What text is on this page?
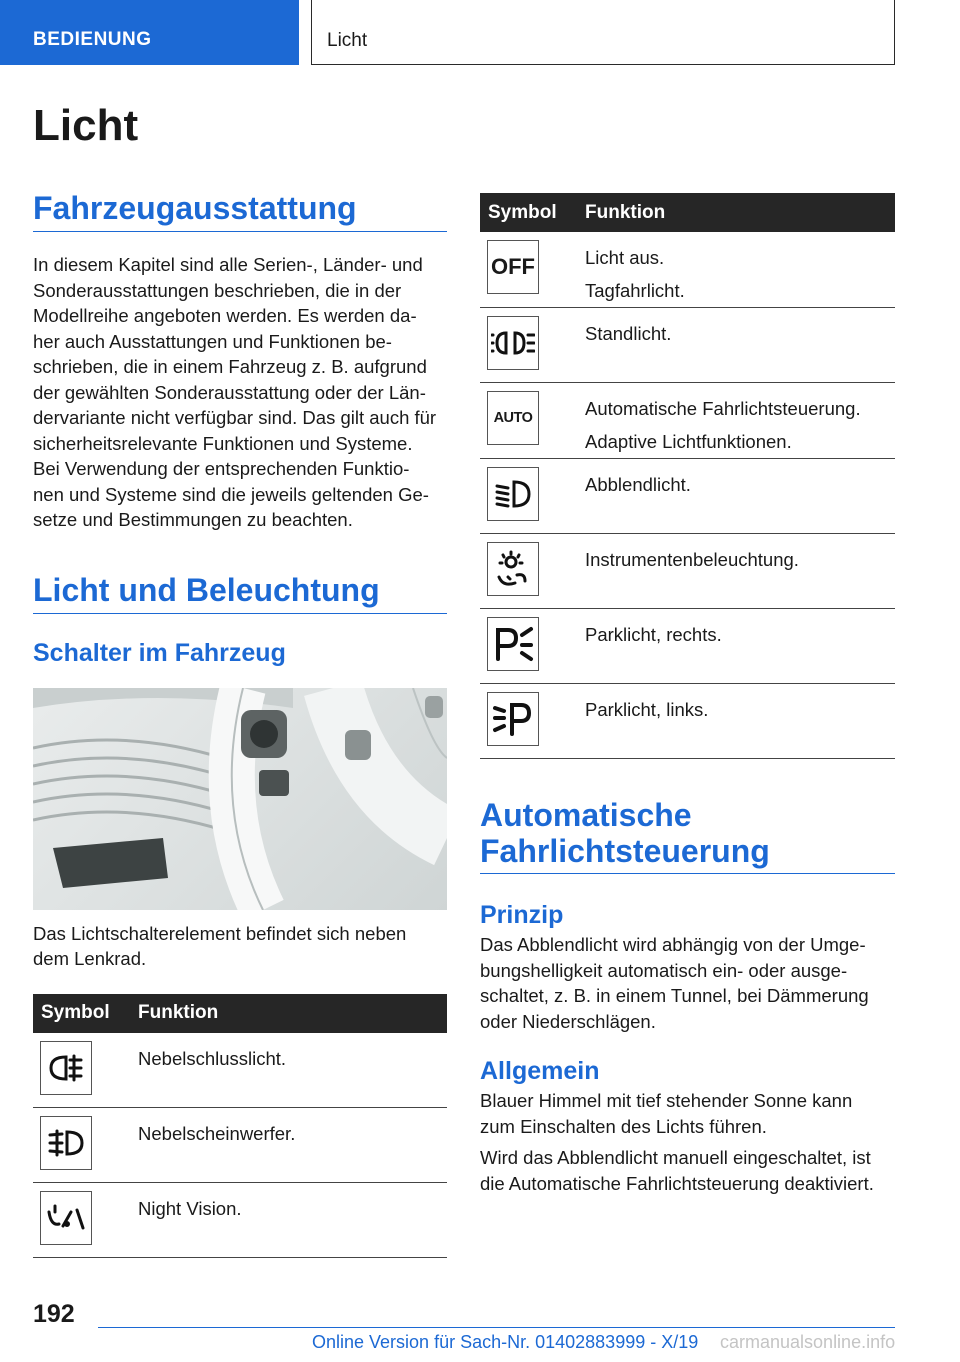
BEDIENUNG	Licht
Licht
Fahrzeugausstattung

In diesem Kapitel sind alle Serien-, Länder- und
Sonderausstattungen beschrieben, die in der
Modellreihe angeboten werden. Es werden da-
her auch Ausstattungen und Funktionen be-
schrieben, die in einem Fahrzeug z. B. aufgrund
der gewählten Sonderausstattung oder der Län-
dervariante nicht verfügbar sind. Das gilt auch für
sicherheitsrelevante Funktionen und Systeme.
Bei Verwendung der entsprechenden Funktio-
nen und Systeme sind die jeweils geltenden Ge-
setze und Bestimmungen zu beachten.

Licht und Beleuchtung
Schalter im Fahrzeug

Das Lichtschalterelement befindet sich neben
dem Lenkrad.

Symbol	Funktion

	Nebelschlusslicht.

	Nebelscheinwerfer.

	Night Vision.
Symbol	Funktion

OFF	Licht aus.
Tagfahrlicht.

	Standlicht.

AUTO	Automatische Fahrlichtsteuerung.
Adaptive Lichtfunktionen.

	Abblendlicht.

	Instrumentenbeleuchtung.

	Parklicht, rechts.

	Parklicht, links.
Automatische
Fahrlichtsteuerung
Prinzip

Das Abblendlicht wird abhängig von der Umge-
bungshelligkeit automatisch ein- oder ausge-
schaltet, z. B. in einem Tunnel, bei Dämmerung
oder Niederschlägen.

Allgemein

Blauer Himmel mit tief stehender Sonne kann
zum Einschalten des Lichts führen.

Wird das Abblendlicht manuell eingeschaltet, ist
die Automatische Fahrlichtsteuerung deaktiviert.

192
Online Version für Sach-Nr. 01402883999 - X/19 carmanualsonline.info
